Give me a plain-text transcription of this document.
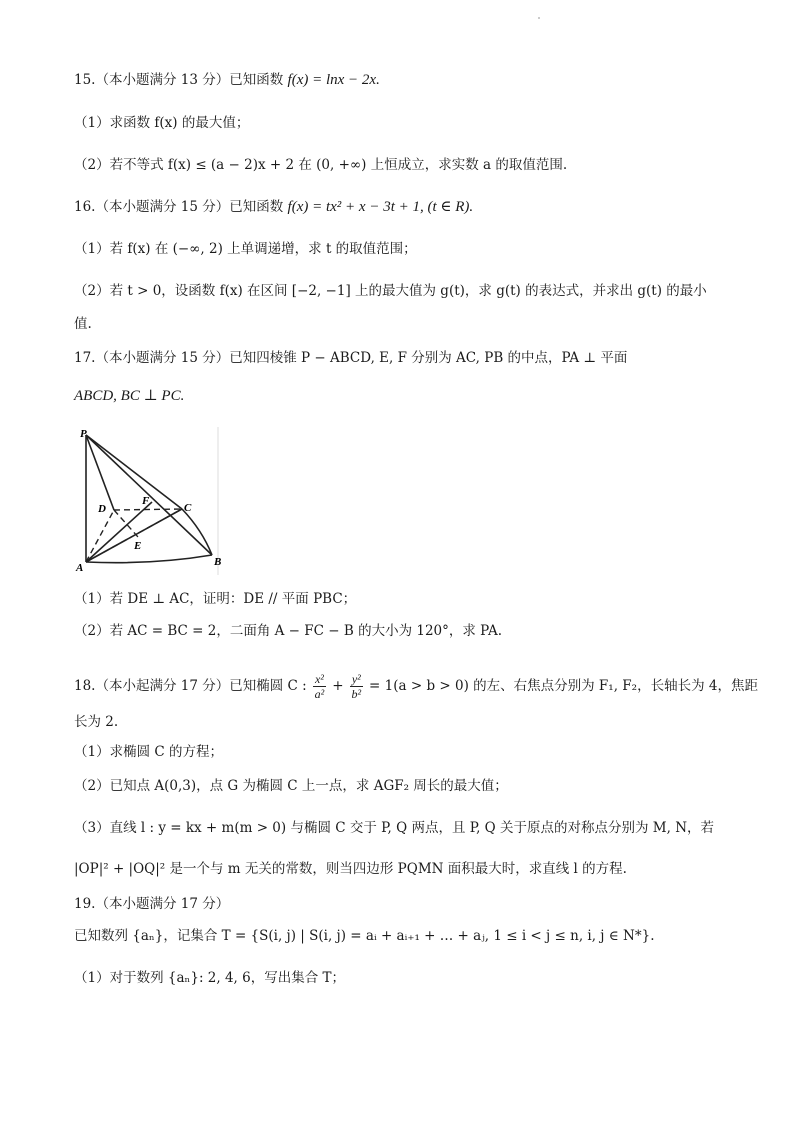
15.（本小题满分 13 分）已知函数 f(x) = lnx − 2x.
（1）求函数 f(x) 的最大值；
（2）若不等式 f(x) ≤ (a − 2)x + 2 在 (0, +∞) 上恒成立，求实数 a 的取值范围.
16.（本小题满分 15 分）已知函数 f(x) = tx² + x − 3t + 1, (t ∈ R).
（1）若 f(x) 在 (−∞, 2) 上单调递增，求 t 的取值范围；
（2）若 t > 0，设函数 f(x) 在区间 [−2, −1] 上的最大值为 g(t)，求 g(t) 的表达式，并求出 g(t) 的最小
值.
17.（本小题满分 15 分）已知四棱锥 P − ABCD, E, F 分别为 AC, PB 的中点，PA ⊥ 平面
ABCD, BC ⊥ PC.
P
D
F
C
E
A	B
（1）若 DE ⊥ AC，证明：DE // 平面 PBC；
（2）若 AC = BC = 2，二面角 A − FC − B 的大小为 120°，求 PA.
18.（本小起满分 17 分）已知椭圆 C : $\frac{\text{x²}}{\text{a²}} + \frac{\text{y²}}{\text{b²}} = 1(a > b > 0)$ 的左、右焦点分别为 F₁, F₂，长轴长为 4，焦距
长为 2.
（1）求椭圆 C 的方程；
（2）已知点 A(0,3)，点 G 为椭圆 C 上一点，求 AGF₂ 周长的最大值；
（3）直线 l : y = kx + m(m > 0) 与椭圆 C 交于 P, Q 两点，且 P, Q 关于原点的对称点分别为 M, N，若
|OP|² + |OQ|² 是一个与 m 无关的常数，则当四边形 PQMN 面积最大时，求直线 l 的方程.
19.（本小题满分 17 分）
已知数列 {aₙ}，记集合 T = {S(i, j) | S(i, j) = aᵢ + aᵢ₊₁ + … + aⱼ, 1 ≤ i < j ≤ n, i, j ∈ N*}.
（1）对于数列 {aₙ}: 2, 4, 6，写出集合 T；
